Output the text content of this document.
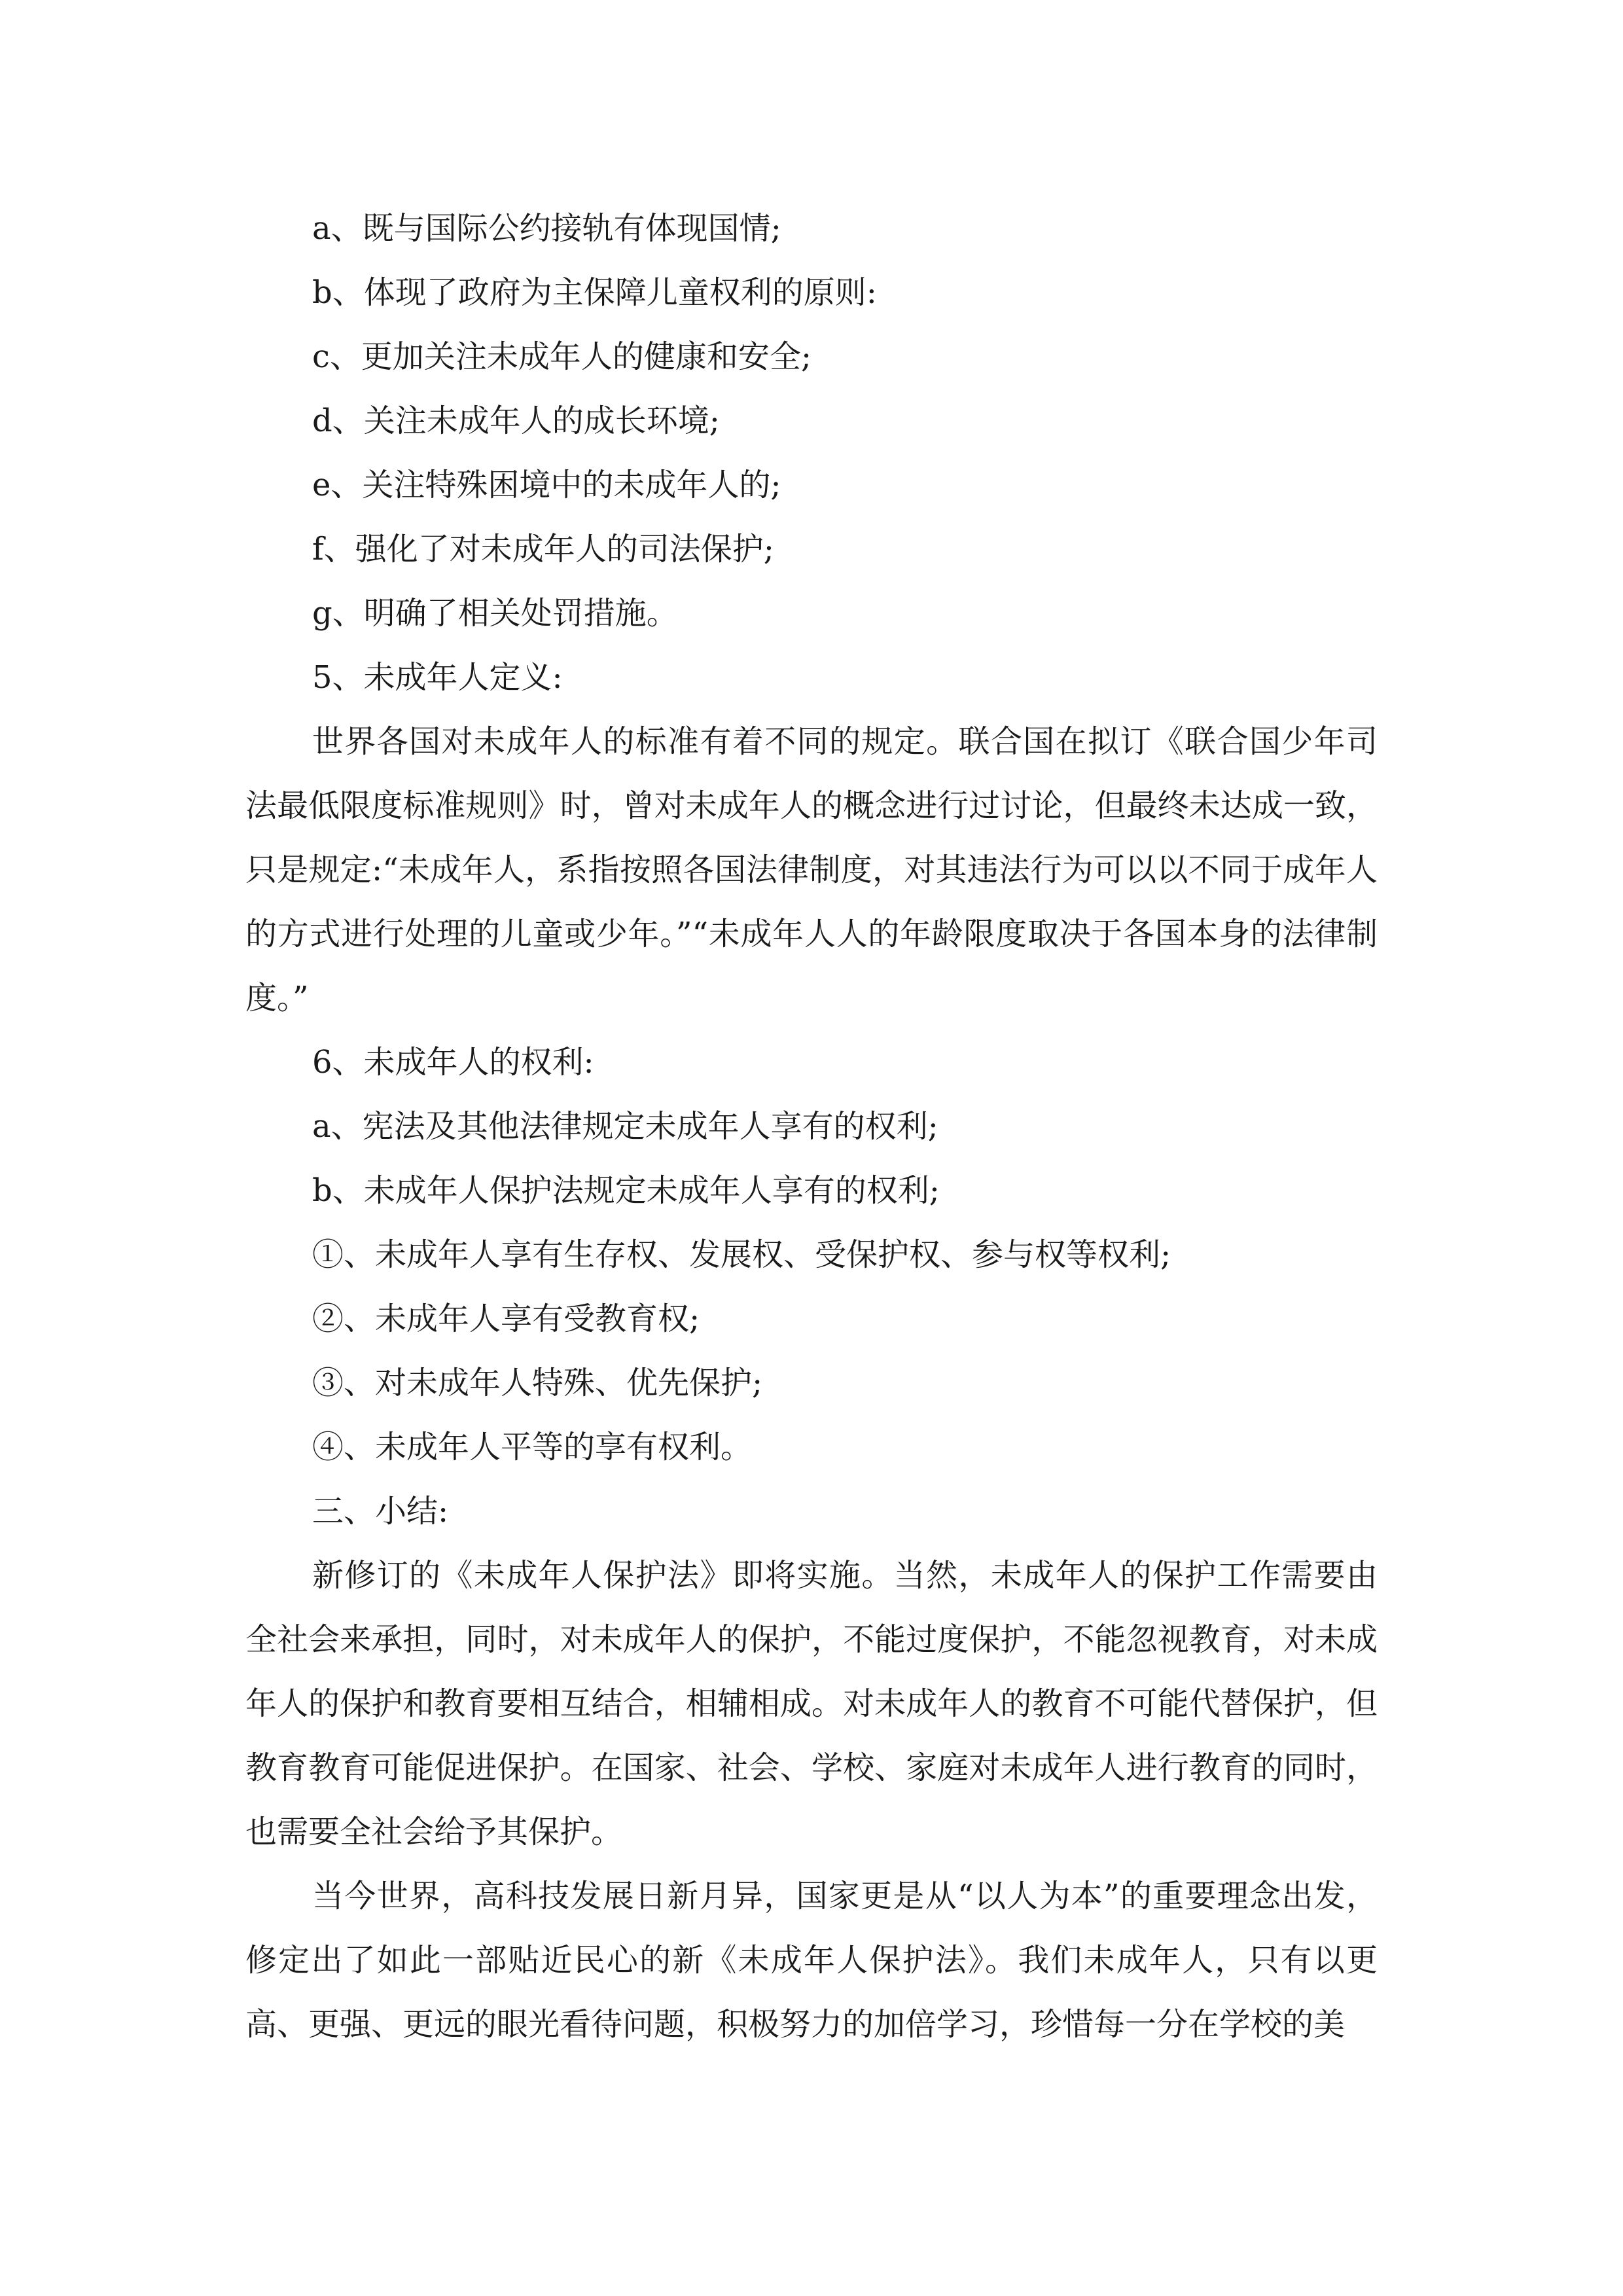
a、既与国际公约接轨有体现国情;

b、体现了政府为主保障儿童权利的原则:

c、更加关注未成年人的健康和安全;

d、关注未成年人的成长环境;

e、关注特殊困境中的未成年人的;

f、强化了对未成年人的司法保护;

g、明确了相关处罚措施。

5、未成年人定义:

世界各国对未成年人的标准有着不同的规定。联合国在拟订《联合国少年司法最低限度标准规则》时，曾对未成年人的概念进行过讨论，但最终未达成一致，只是规定:“未成年人，系指按照各国法律制度，对其违法行为可以以不同于成年人的方式进行处理的儿童或少年。”“未成年人人的年龄限度取决于各国本身的法律制度。”

6、未成年人的权利:

a、宪法及其他法律规定未成年人享有的权利;

b、未成年人保护法规定未成年人享有的权利;

①、未成年人享有生存权、发展权、受保护权、参与权等权利;

②、未成年人享有受教育权;

③、对未成年人特殊、优先保护;

④、未成年人平等的享有权利。

三、小结:

新修订的《未成年人保护法》即将实施。当然，未成年人的保护工作需要由全社会来承担，同时，对未成年人的保护，不能过度保护，不能忽视教育，对未成年人的保护和教育要相互结合，相辅相成。对未成年人的教育不可能代替保护，但教育教育可能促进保护。在国家、社会、学校、家庭对未成年人进行教育的同时，也需要全社会给予其保护。

当今世界，高科技发展日新月异，国家更是从“以人为本”的重要理念出发，修定出了如此一部贴近民心的新《未成年人保护法》。我们未成年人，只有以更高、更强、更远的眼光看待问题，积极努力的加倍学习，珍惜每一分在学校的美
